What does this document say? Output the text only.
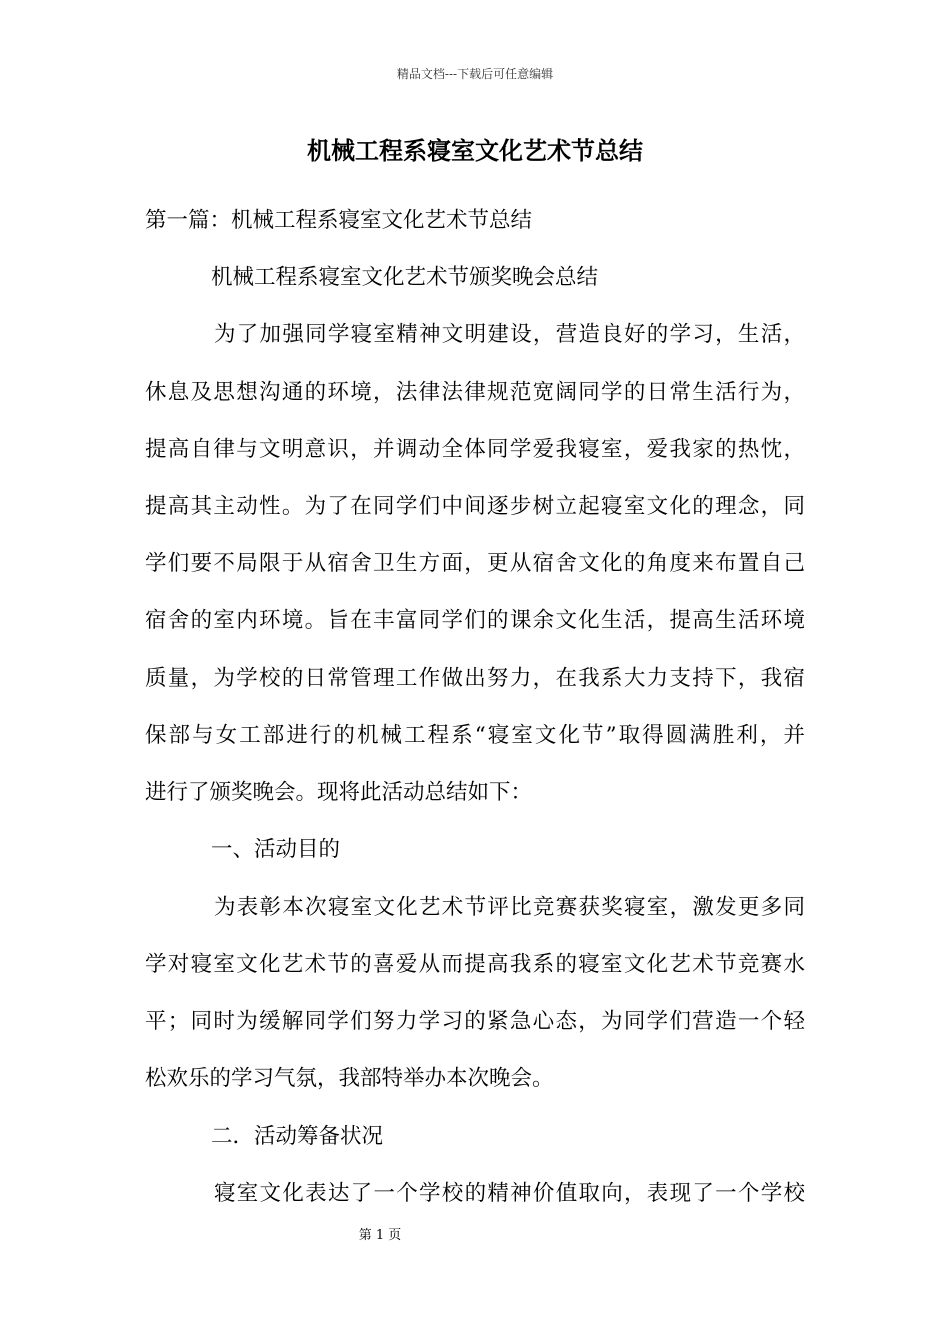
精品文档---下载后可任意编辑
机械工程系寝室文化艺术节总结
第一篇：机械工程系寝室文化艺术节总结
机械工程系寝室文化艺术节颁奖晚会总结
为了加强同学寝室精神文明建设，营造良好的学习，生活，
休息及思想沟通的环境，法律法律规范宽阔同学的日常生活行为，
提高自律与文明意识，并调动全体同学爱我寝室，爱我家的热忱，
提高其主动性。为了在同学们中间逐步树立起寝室文化的理念，同
学们要不局限于从宿舍卫生方面，更从宿舍文化的角度来布置自己
宿舍的室内环境。旨在丰富同学们的课余文化生活，提高生活环境
质量，为学校的日常管理工作做出努力，在我系大力支持下，我宿
保部与女工部进行的机械工程系“寝室文化节”取得圆满胜利，并
进行了颁奖晚会。现将此活动总结如下：
一、活动目的
为表彰本次寝室文化艺术节评比竞赛获奖寝室，激发更多同
学对寝室文化艺术节的喜爱从而提高我系的寝室文化艺术节竞赛水
平；同时为缓解同学们努力学习的紧急心态，为同学们营造一个轻
松欢乐的学习气氛，我部特举办本次晚会。
二．活动筹备状况
寝室文化表达了一个学校的精神价值取向，表现了一个学校
第 1 页
